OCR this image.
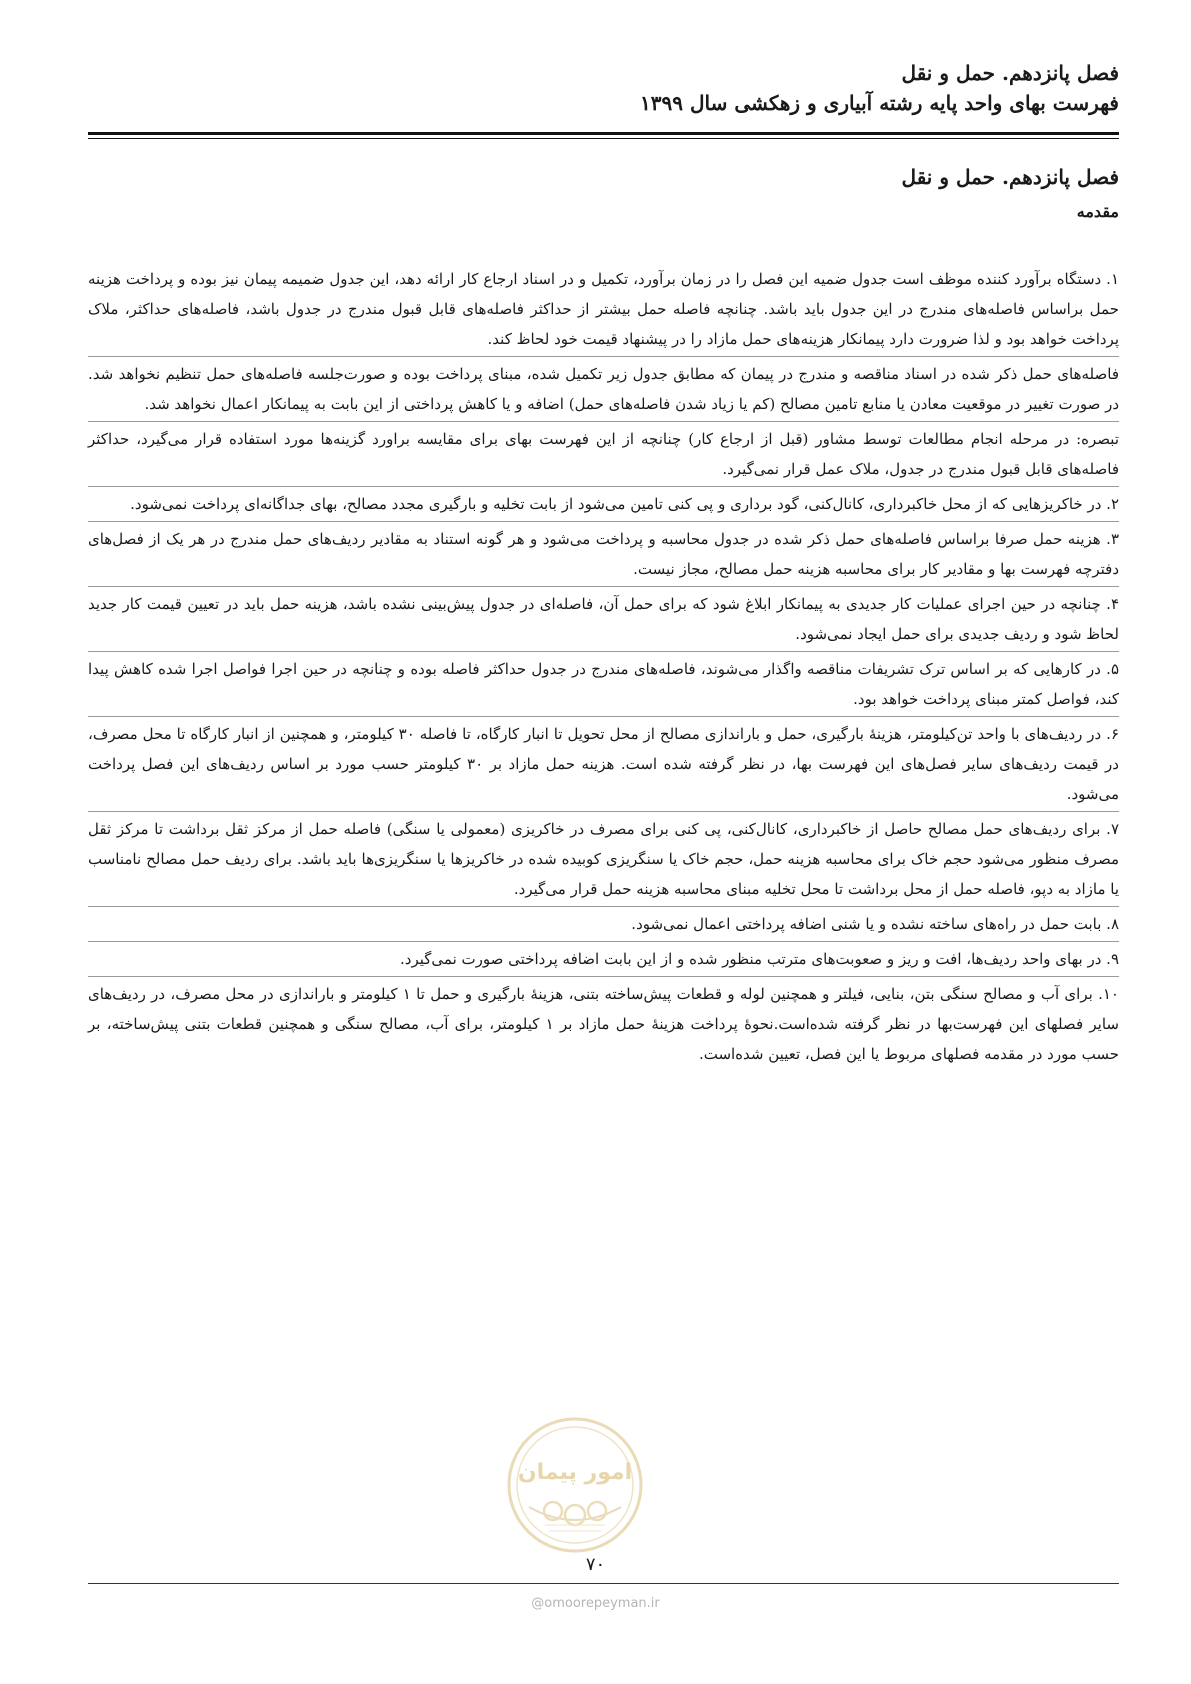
فصل پانزدهم. حمل و نقل
فهرست بهای واحد پایه رشته آبیاری و زهکشی سال ۱۳۹۹
فصل پانزدهم. حمل و نقل
مقدمه

۱. دستگاه برآورد کننده موظف است جدول ضمیه این فصل را در زمان برآورد، تکمیل و در اسناد ارجاع کار ارائه دهد، این جدول ضمیمه پیمان نیز بوده و پرداخت هزینه حمل براساس فاصله‌های مندرج در این جدول باید باشد. چنانچه فاصله حمل بیشتر از حداکثر فاصله‌های قابل قبول مندرج در جدول باشد، فاصله‌های حداکثر، ملاک پرداخت خواهد بود و لذا ضرورت دارد پیمانکار هزینه‌های حمل مازاد را در پیشنهاد قیمت خود لحاظ کند.

فاصله‌های حمل ذکر شده در اسناد مناقصه و مندرج در پیمان که مطابق جدول زیر تکمیل شده، مبنای پرداخت بوده و صورت‌جلسه فاصله‌های حمل تنظیم نخواهد شد. در صورت تغییر در موقعیت معادن یا منابع تامین مصالح (کم یا زیاد شدن فاصله‌های حمل) اضافه و یا کاهش پرداختی از این بابت به پیمانکار اعمال نخواهد شد.

تبصره: در مرحله انجام مطالعات توسط مشاور (قبل از ارجاع کار) چنانچه از این فهرست بهای برای مقایسه براورد گزینه‌ها مورد استفاده قرار می‌گیرد، حداکثر فاصله‌های قابل قبول مندرج در جدول، ملاک عمل قرار نمی‌گیرد.

۲. در خاکریزهایی که از محل خاکبرداری، کانال‌کنی، گود برداری و پی کنی تامین می‌شود از بابت تخلیه و بارگیری مجدد مصالح، بهای جداگانه‌ای پرداخت نمی‌شود.

۳. هزینه حمل صرفا براساس فاصله‌های حمل ذکر شده در جدول محاسبه و پرداخت می‌شود و هر گونه استناد به مقادیر ردیف‌های حمل مندرج در هر یک از فصل‌های دفترچه فهرست بها و مقادیر کار برای محاسبه هزینه حمل مصالح، مجاز نیست.

۴. چنانچه در حین اجرای عملیات کار جدیدی به پیمانکار ابلاغ شود که برای حمل آن، فاصله‌ای در جدول پیش‌بینی نشده باشد، هزینه حمل باید در تعیین قیمت کار جدید لحاظ شود و ردیف جدیدی برای حمل ایجاد نمی‌شود.

۵. در کارهایی که بر اساس ترک تشریفات مناقصه واگذار می‌شوند، فاصله‌های مندرج در جدول حداکثر فاصله بوده و چنانچه در حین اجرا فواصل اجرا شده کاهش پیدا کند، فواصل کمتر مبنای پرداخت خواهد بود.

۶. در ردیف‌های با واحد تن‌کیلومتر، هزینهٔ بارگیری، حمل و باراندازی مصالح از محل تحویل تا انبار کارگاه، تا فاصله ۳۰ کیلومتر، و همچنین از انبار کارگاه تا محل مصرف، در قیمت ردیف‌های سایر فصل‌های این فهرست بها، در نظر گرفته شده است. هزینه حمل مازاد بر ۳۰ کیلومتر حسب مورد بر اساس ردیف‌های این فصل پرداخت می‌شود.

۷. برای ردیف‌های حمل مصالح حاصل از خاکبرداری، کانال‌کنی، پی کنی برای مصرف در خاکریزی (معمولی یا سنگی) فاصله حمل از مرکز ثقل برداشت تا مرکز ثقل مصرف منظور می‌شود حجم خاک برای محاسبه هزینه حمل، حجم خاک یا سنگریزی کوبیده شده در خاکریزها یا سنگریزی‌ها باید باشد. برای ردیف حمل مصالح نامناسب یا مازاد به دپو، فاصله حمل از محل برداشت تا محل تخلیه مبنای محاسبه هزینه حمل قرار می‌گیرد.

۸. بابت حمل در راه‌های ساخته نشده و یا شنی اضافه پرداختی اعمال نمی‌شود.

۹. در بهای واحد ردیف‌ها، افت و ریز و صعوبت‌های مترتب منظور شده و از این بابت اضافه پرداختی صورت نمی‌گیرد.

۱۰. برای آب و مصالح سنگی بتن، بنایی، فیلتر و همچنین لوله و قطعات پیش‌ساخته بتنی، هزینهٔ بارگیری و حمل تا ۱ کیلومتر و باراندازی در محل مصرف، در ردیف‌های سایر فصلهای این فهرست‌بها در نظر گرفته شده‌است.نحوهٔ پرداخت هزینهٔ حمل مازاد بر ۱ کیلومتر، برای آب، مصالح سنگی و همچنین قطعات بتنی پیش‌ساخته، بر حسب مورد در مقدمه فصلهای مربوط یا این فصل، تعیین شده‌است.

امور پیمان
۷۰
@omoorepeyman.ir
